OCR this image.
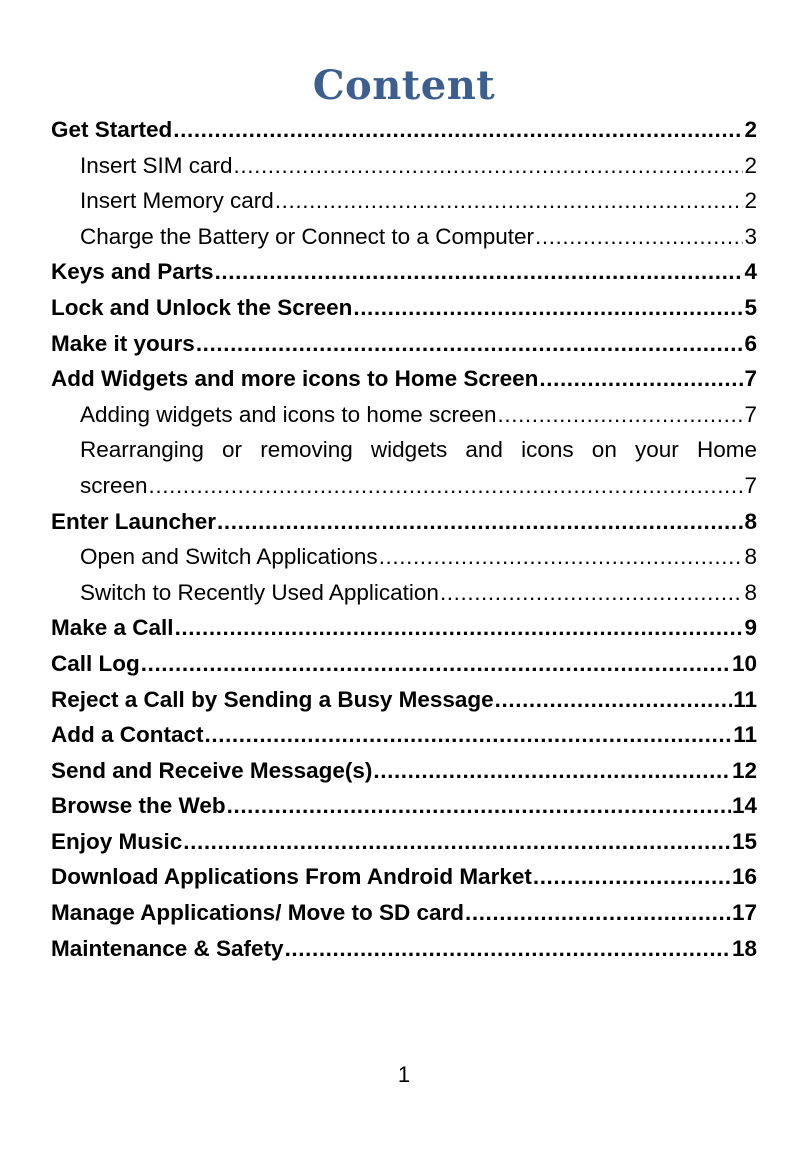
Content
Get Started .....	2
Insert SIM card .....	2
Insert Memory card .....	2
Charge the Battery or Connect to a Computer .....	3
Keys and Parts .....	4
Lock and Unlock the Screen .....	5
Make it yours .....	6
Add Widgets and more icons to Home Screen .....	7
Adding widgets and icons to home screen .....	7
Rearranging or removing widgets and icons on your Home
screen .....	7
Enter Launcher .....	8
Open and Switch Applications .....	8
Switch to Recently Used Application .....	8
Make a Call .....	9
Call Log .....	10
Reject a Call by Sending a Busy Message .....	11
Add a Contact .....	11
Send and Receive Message(s) .....	12
Browse the Web .....	14
Enjoy Music .....	15
Download Applications From Android Market .....	16
Manage Applications/ Move to SD card .....	17
Maintenance & Safety .....	18
1
